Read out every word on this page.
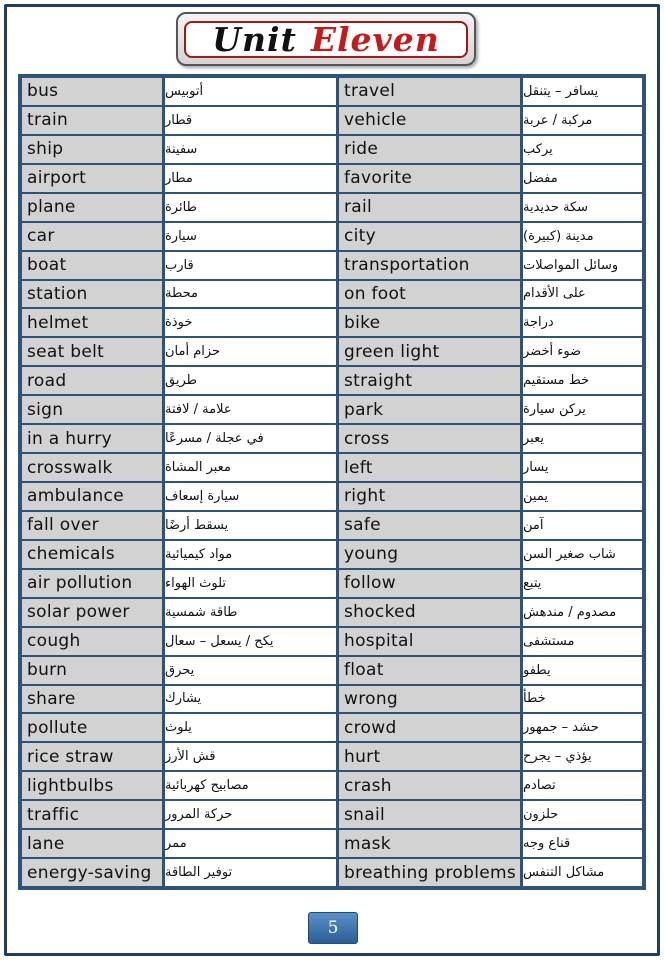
Unit Eleven
bus	أتوبيس	travel	يسافر – يتنقل
train	قطار	vehicle	مركبة / عربة
ship	سفينة	ride	يركب
airport	مطار	favorite	مفضل
plane	طائرة	rail	سكة حديدية
car	سيارة	city	مدينة (كبيرة)
boat	قارب	transportation	وسائل المواصلات
station	محطة	on foot	على الأقدام
helmet	خوذة	bike	دراجة
seat belt	حزام أمان	green light	ضوء أخضر
road	طريق	straight	خط مستقيم
sign	علامة / لافتة	park	يركن سيارة
in a hurry	في عجلة / مسرعًا	cross	يعبر
crosswalk	معبر المشاة	left	يسار
ambulance	سيارة إسعاف	right	يمين
fall over	يسقط أرضًا	safe	آمن
chemicals	مواد كيميائية	young	شاب صغير السن
air pollution	تلوث الهواء	follow	يتبع
solar power	طاقة شمسية	shocked	مصدوم / مندهش
cough	يكح / يسعل – سعال	hospital	مستشفى
burn	يحرق	float	يطفو
share	يشارك	wrong	خطأ
pollute	يلوث	crowd	حشد – جمهور
rice straw	قش الأرز	hurt	يؤذي – يجرح
lightbulbs	مصابيح كهربائية	crash	تصادم
traffic	حركة المرور	snail	حلزون
lane	ممر	mask	قناع وجه
energy-saving	توفير الطاقة	breathing problems مشاكل التنفس
5
